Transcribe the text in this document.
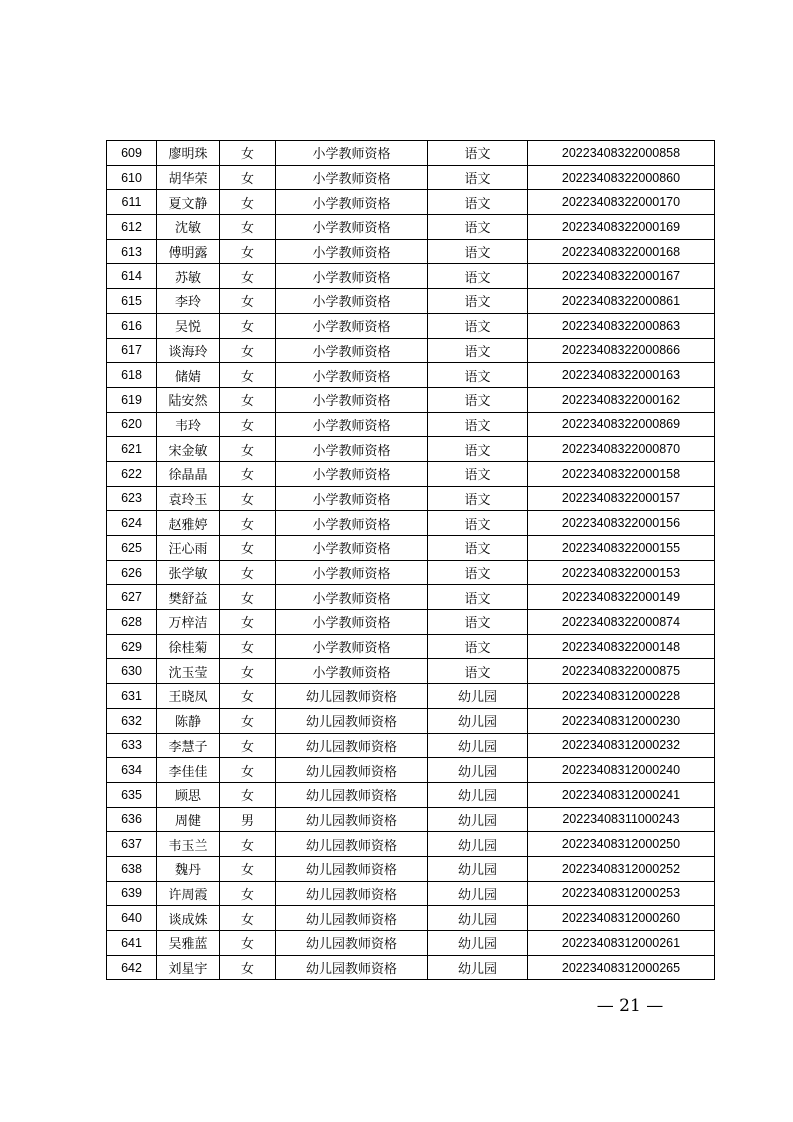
609	廖明珠	女	小学教师资格	语文	20223408322000858
610	胡华荣	女	小学教师资格	语文	20223408322000860
611	夏文静	女	小学教师资格	语文	20223408322000170
612	沈敏	女	小学教师资格	语文	20223408322000169
613	傅明露	女	小学教师资格	语文	20223408322000168
614	苏敏	女	小学教师资格	语文	20223408322000167
615	李玲	女	小学教师资格	语文	20223408322000861
616	吴悦	女	小学教师资格	语文	20223408322000863
617	谈海玲	女	小学教师资格	语文	20223408322000866
618	储婧	女	小学教师资格	语文	20223408322000163
619	陆安然	女	小学教师资格	语文	20223408322000162
620	韦玲	女	小学教师资格	语文	20223408322000869
621	宋金敏	女	小学教师资格	语文	20223408322000870
622	徐晶晶	女	小学教师资格	语文	20223408322000158
623	袁玲玉	女	小学教师资格	语文	20223408322000157
624	赵雅婷	女	小学教师资格	语文	20223408322000156
625	汪心雨	女	小学教师资格	语文	20223408322000155
626	张学敏	女	小学教师资格	语文	20223408322000153
627	樊舒益	女	小学教师资格	语文	20223408322000149
628	万梓洁	女	小学教师资格	语文	20223408322000874
629	徐桂菊	女	小学教师资格	语文	20223408322000148
630	沈玉莹	女	小学教师资格	语文	20223408322000875
631	王晓凤	女	幼儿园教师资格	幼儿园	20223408312000228
632	陈静	女	幼儿园教师资格	幼儿园	20223408312000230
633	李慧子	女	幼儿园教师资格	幼儿园	20223408312000232
634	李佳佳	女	幼儿园教师资格	幼儿园	20223408312000240
635	顾思	女	幼儿园教师资格	幼儿园	20223408312000241
636	周健	男	幼儿园教师资格	幼儿园	20223408311000243
637	韦玉兰	女	幼儿园教师资格	幼儿园	20223408312000250
638	魏丹	女	幼儿园教师资格	幼儿园	20223408312000252
639	许周霞	女	幼儿园教师资格	幼儿园	20223408312000253
640	谈成姝	女	幼儿园教师资格	幼儿园	20223408312000260
641	吴雅蓝	女	幼儿园教师资格	幼儿园	20223408312000261
642	刘星宇	女	幼儿园教师资格	幼儿园	20223408312000265
— 21 —
